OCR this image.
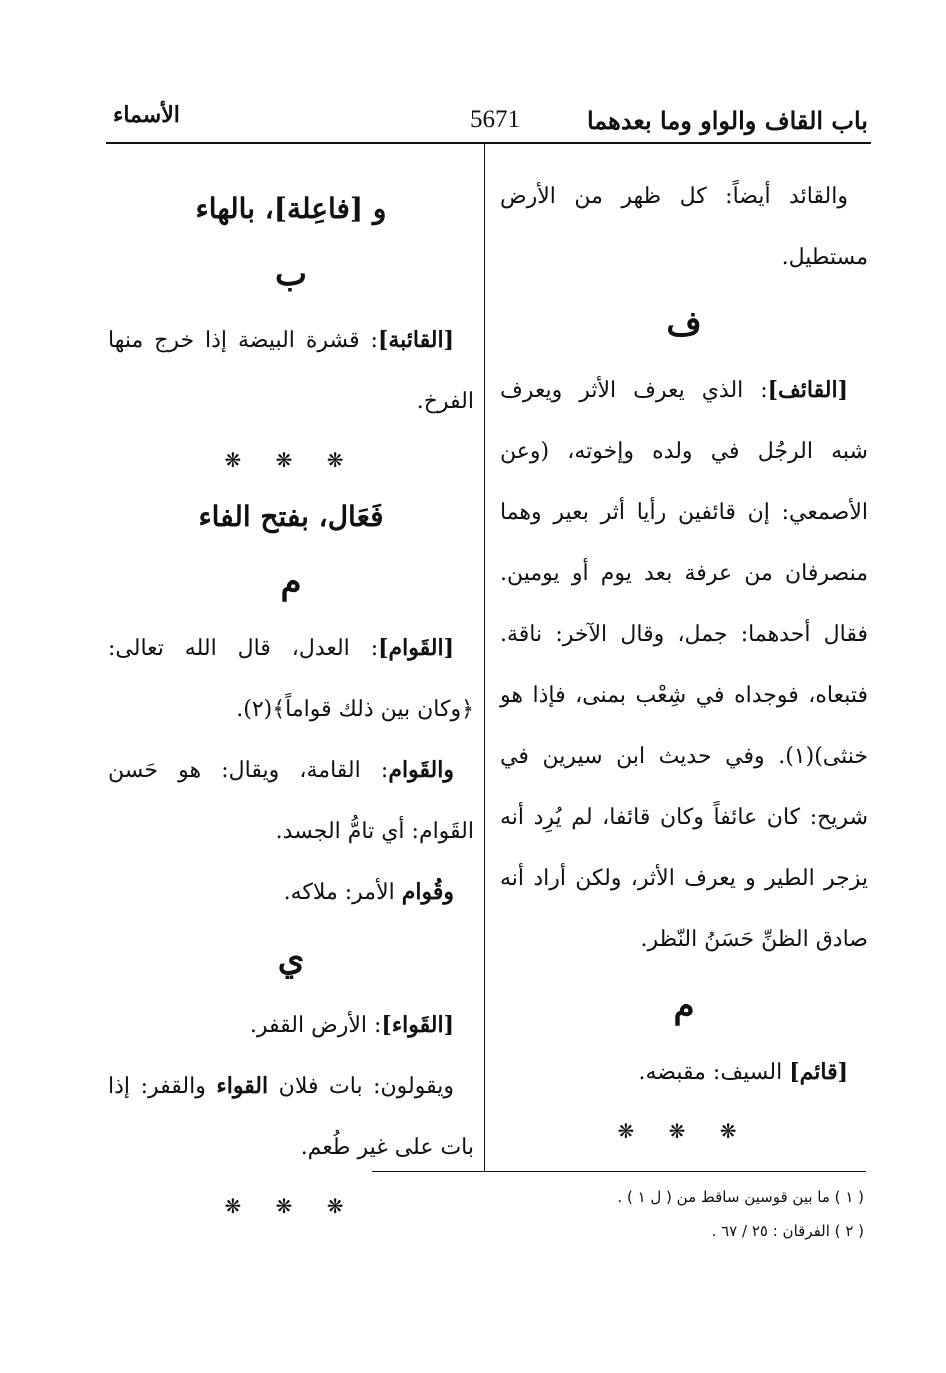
باب القاف والواو وما بعدهما
5671
الأسماء

والقائد أيضاً: كل ظهر من الأرض مستطيل.

ف

[القائف]: الذي يعرف الأثر ويعرف شبه الرجُل في ولده وإخوته، (وعن الأصمعي: إن قائفين رأيا أثر بعير وهما منصرفان من عرفة بعد يوم أو يومين. فقال أحدهما: جمل، وقال الآخر: ناقة. فتبعاه، فوجداه في شِعْب بمنى، فإذا هو خنثى)(١). وفي حديث ابن سيرين في شريح: كان عائفاً وكان قائفا، لم يُرِد أنه يزجر الطير و يعرف الأثر، ولكن أراد أنه صادق الظنِّ حَسَنُ النّظر.

م

[قائم] السيف: مقبضه.

❋ ❋ ❋

و [فاعِلة]، بالهاء

ب

[القائبة]: قشرة البيضة إذا خرج منها الفرخ.

❋ ❋ ❋

فَعَال، بفتح الفاء

م

[القَوام]: العدل، قال الله تعالى: ﴿وكان بين ذلك قواماً﴾(٢).

والقَوام: القامة، ويقال: هو حَسن القَوام: أي تامُّ الجسد.

وقُوام الأمر: ملاكه.

ي

[القَواء]: الأرض القفر.

ويقولون: بات فلان القواء والقفر: إذا بات على غير طُعم.

❋ ❋ ❋	( ١ ) ما بين قوسين ساقط من ( ل ١ ) .
( ٢ ) الفرقان : ٢٥ / ٦٧ .
